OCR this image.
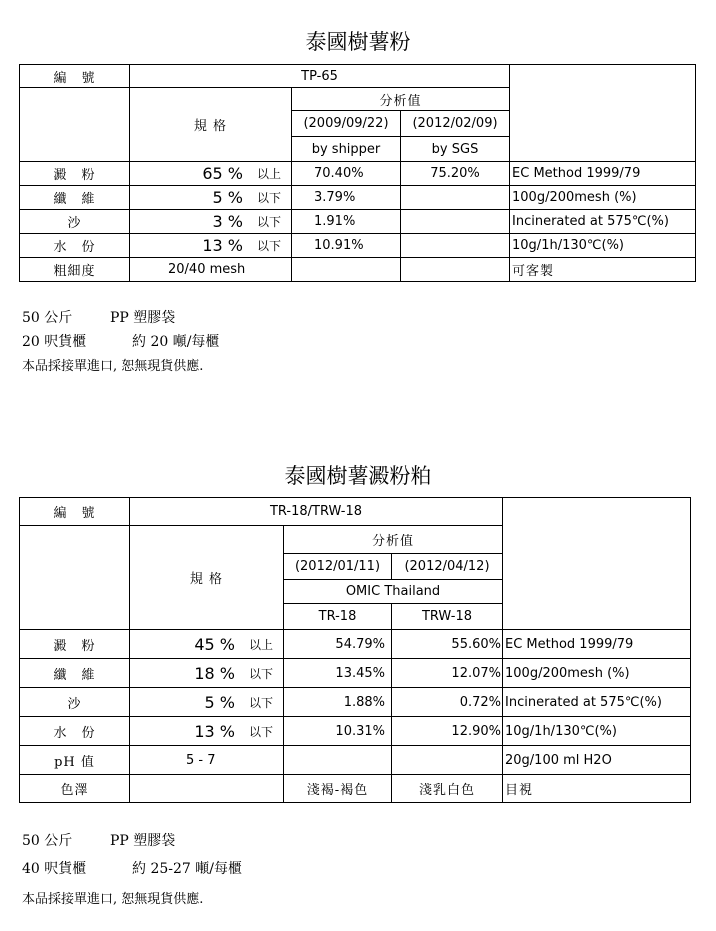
泰國樹薯粉
編　號	TP-65			
	規 格	分析值		
		(2009/09/22)	(2012/02/09)	
		by shipper	by SGS	
澱　粉	65 % 以上	70.40%	75.20%	EC Method 1999/79
纖　維	5 % 以下	3.79%		100g/200mesh (%)
沙	3 % 以下	1.91%		Incinerated at 575℃(%)
水　份	13 % 以下	10.91%		10g/1h/130℃(%)
粗細度	20/40 mesh			可客製
50 公斤	PP 塑膠袋
20 呎貨櫃	約 20 噸/每櫃
本品採接單進口, 恕無現貨供應.
泰國樹薯澱粉粕
編　號	TR-18/TRW-18			
	規 格	分析值		
		(2012/01/11)	(2012/04/12)	
		OMIC Thailand		
		TR-18	TRW-18	
澱　粉	45 % 以上	54.79%	55.60%	EC Method 1999/79
纖　維	18 % 以下	13.45%	12.07%	100g/200mesh (%)
沙	5 % 以下	1.88%	0.72%	Incinerated at 575℃(%)
水　份	13 % 以下	10.31%	12.90%	10g/1h/130℃(%)
pH 值	5 - 7			20g/100 ml H2O
色澤		淺褐-褐色	淺乳白色	目視
50 公斤	PP 塑膠袋
40 呎貨櫃	約 25-27 噸/每櫃
本品採接單進口, 恕無現貨供應.
